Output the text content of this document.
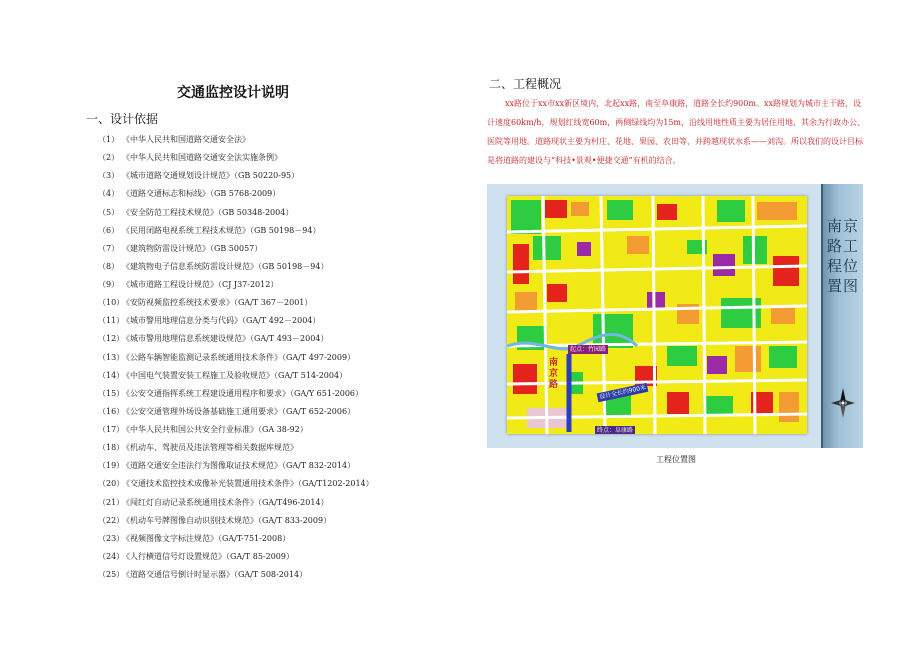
交通监控设计说明
一、设计依据
（1） 《中华人民共和国道路交通安全法》
（2） 《中华人民共和国道路交通安全法实施条例》
（3） 《城市道路交通规划设计规范》（GB 50220-95）
（4） 《道路交通标志和标线》（GB 5768-2009）
（5） 《安全防范工程技术规范》（GB 50348-2004）
（6） 《民用闭路电视系统工程技术规范》（GB 50198－94）
（7） 《建筑物防雷设计规范》（GB 50057）
（8） 《建筑物电子信息系统防雷设计规范》（GB 50198－94）
（9） 《城市道路工程设计规范》（CJ J37-2012）
（10）《安防视频监控系统技术要求》（GA/T 367－2001）
（11）《城市警用地理信息分类与代码》（GA/T 492－2004）
（12）《城市警用地理信息系统建设规范》（GA/T 493－2004）
（13）《公路车辆智能监测记录系统通用技术条件》（GA/T 497-2009）
（14）《中国电气装置安装工程施工及验收规范》（GA/T 514-2004）
（15）《公安交通指挥系统工程建设通用程序和要求》（GA/Y 651-2006）
（16）《公安交通管理外场设备基础施工通用要求》（GA/T 652-2006）
（17）《中华人民共和国公共安全行业标准》（GA 38-92）
（18）《机动车、驾驶员及违法管理等相关数据库规范》
（19）《道路交通安全违法行为图像取证技术规范》（GA/T 832-2014）
（20）《交通技术监控技术成像补光装置通用技术条件》（GA/T1202-2014）
（21）《闯红灯自动记录系统通用技术条件》（GA/T496-2014）
（22）《机动车号牌图像自动识别技术规范》（GA/T 833-2009）
（23）《视频图像文字标注规范》（GA/T-751-2008）
（24）《人行横道信号灯设置规范》（GA/T 85-2009）
（25）《道路交通信号倒计时显示器》（GA/T 508-2014）
二、工程概况
xx路位于xx市xx新区境内，北起xx路，南至阜康路，道路全长约900m。xx路规划为城市主干路，设计速度60km/h，规划红线宽60m，两侧绿线均为15m，沿线用地性质主要为居住用地，其余为行政办公、医院等用地。道路现状主要为村庄、花地、果园、农田等，并跨越现状水系——刘沟。所以我们的设计目标是将道路的建设与“科技•景观•便捷交通”有机的结合。
起点：竹园路
设计全长约900米
终点：阜康路
南京路
南京路工程位置图
工程位置图
